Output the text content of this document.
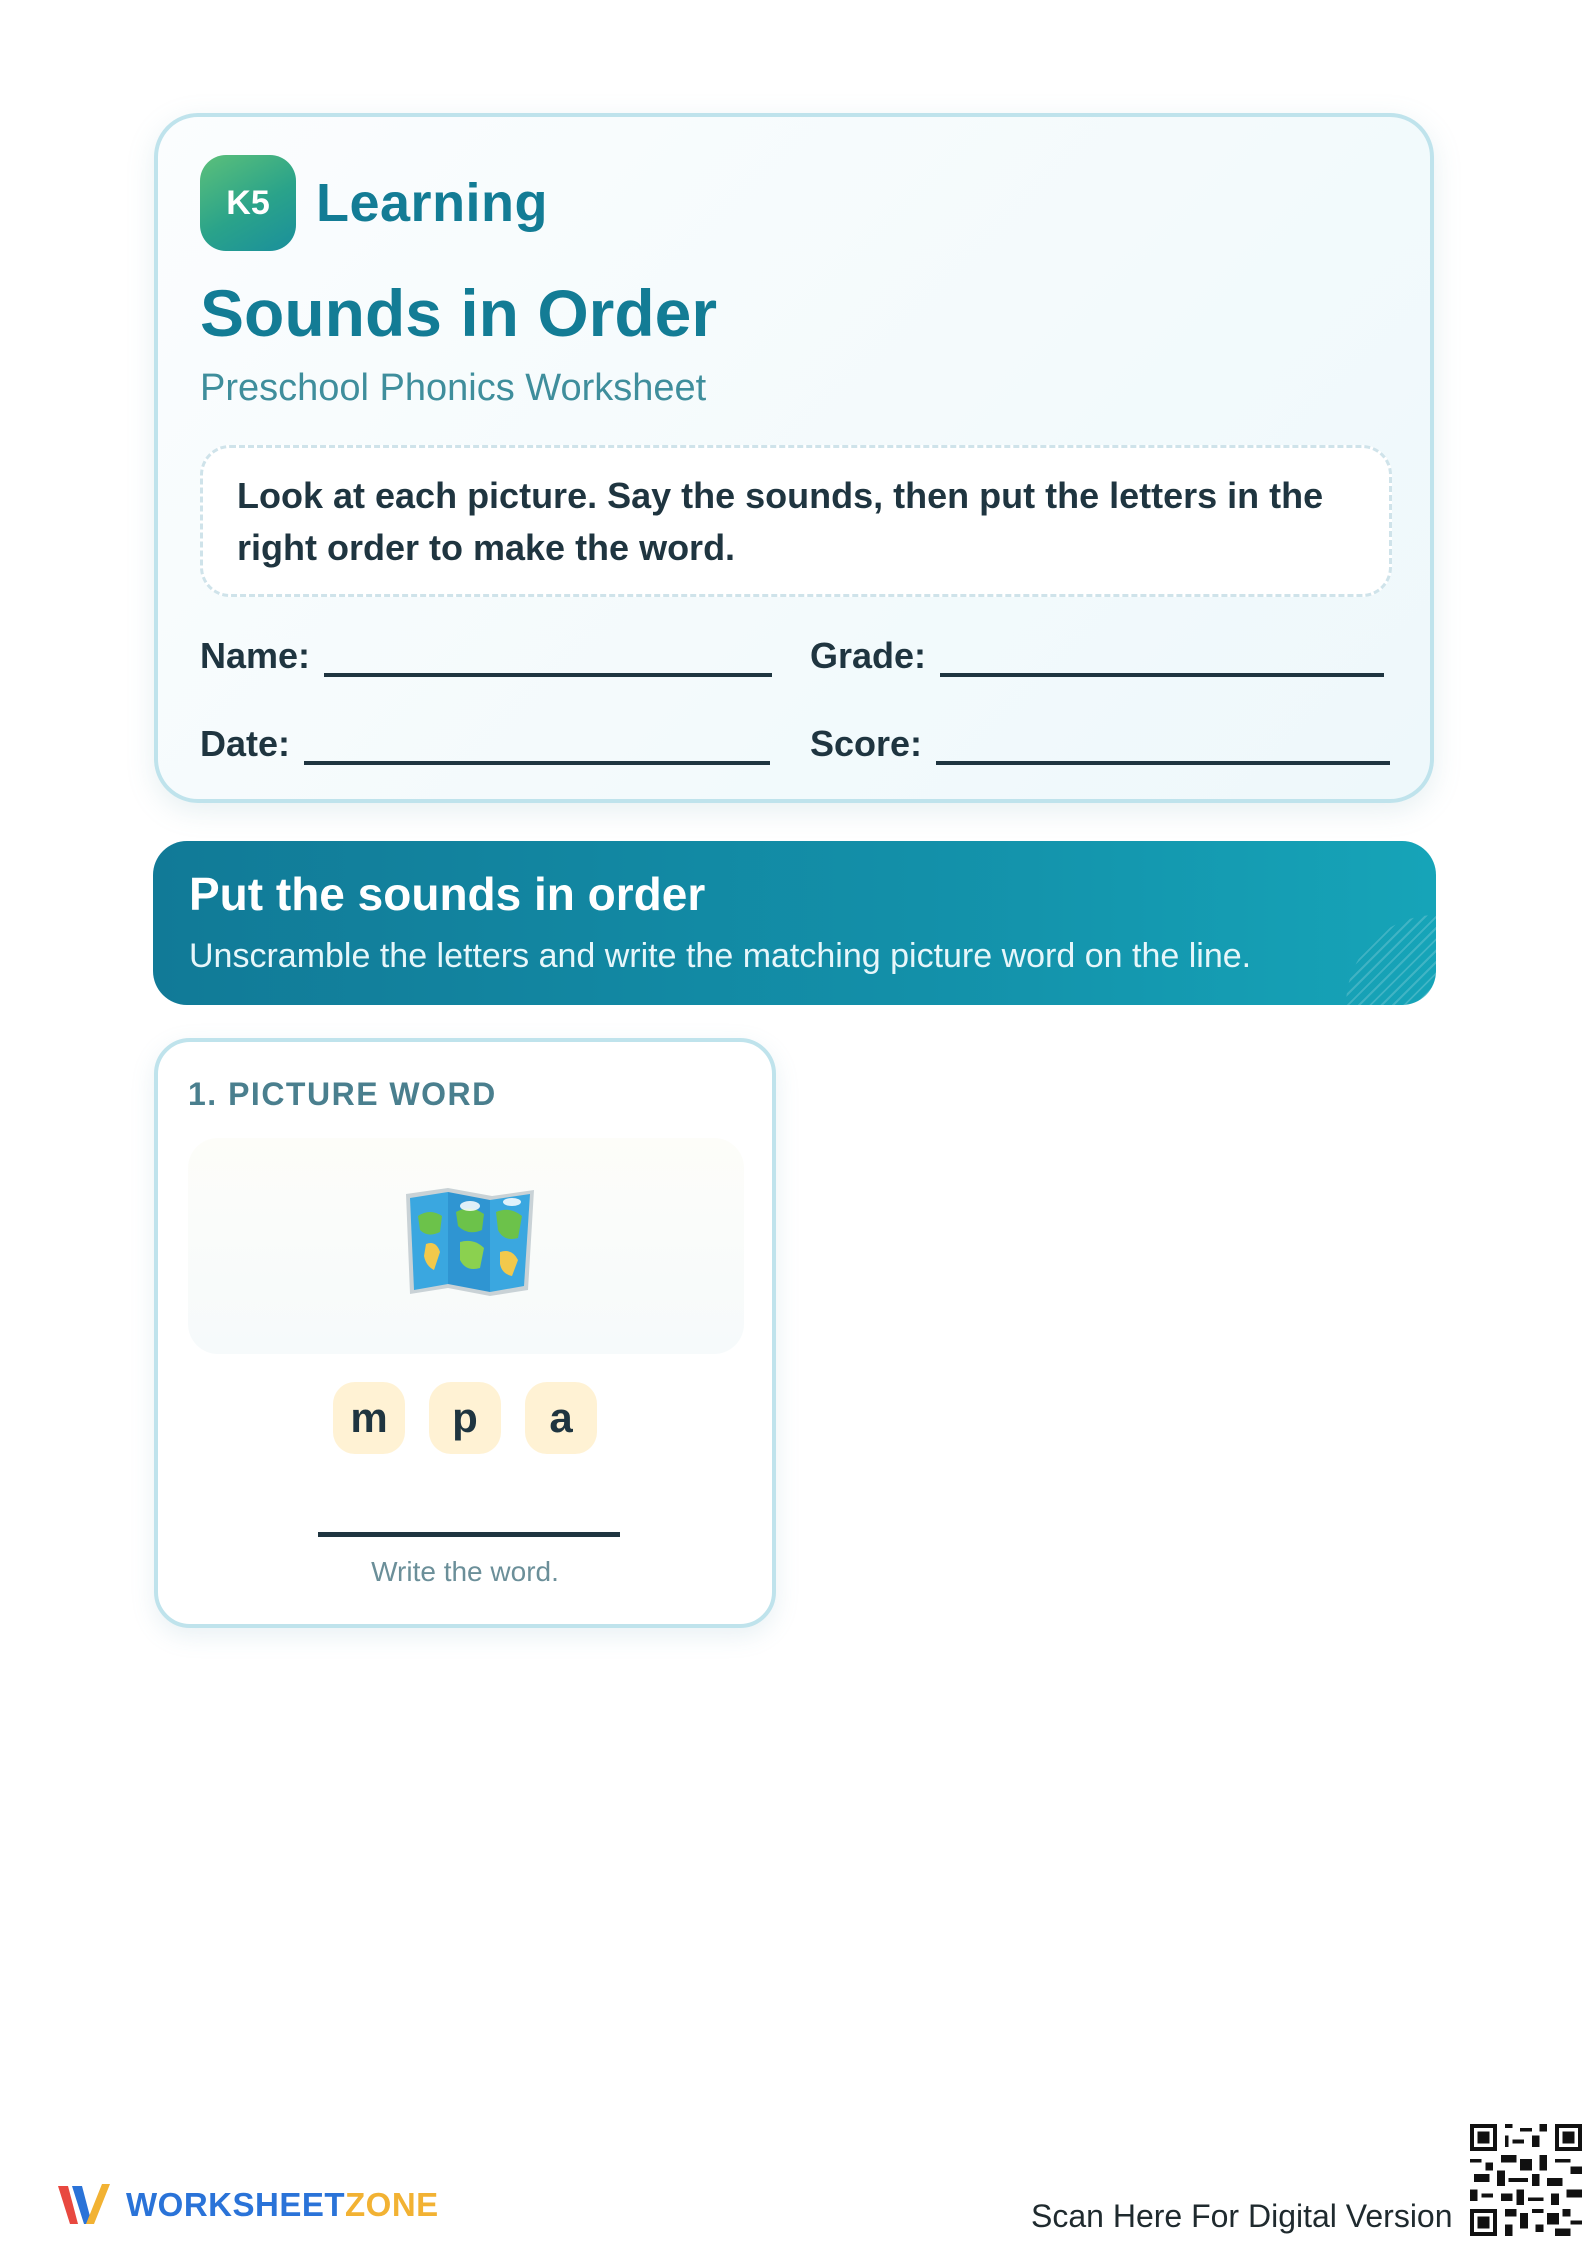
K5 Learning
Sounds in Order
Preschool Phonics Worksheet
Look at each picture. Say the sounds, then put the letters in the right order to make the word.
Name:	Grade:
Date:	Score:
Put the sounds in order
Unscramble the letters and write the matching picture word on the line.
1. PICTURE WORD
m	p	a
Write the word.
WORKSHEETZONE	Scan Here For Digital Version
